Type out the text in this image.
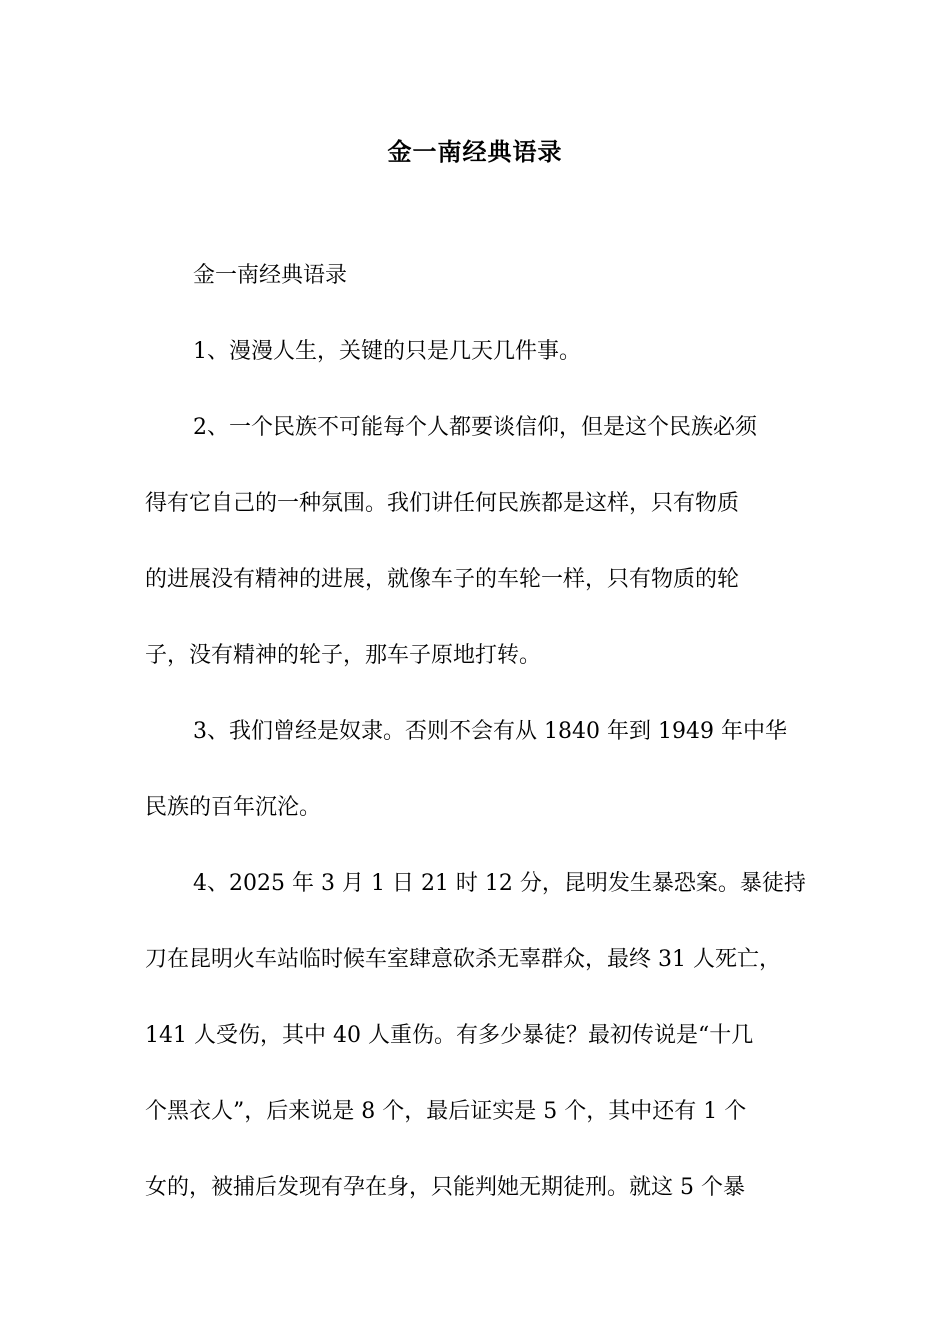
金一南经典语录
金一南经典语录
1、漫漫人生，关键的只是几天几件事。
2、一个民族不可能每个人都要谈信仰，但是这个民族必须
得有它自己的一种氛围。我们讲任何民族都是这样，只有物质
的进展没有精神的进展，就像车子的车轮一样，只有物质的轮
子，没有精神的轮子，那车子原地打转。
3、我们曾经是奴隶。否则不会有从 1840 年到 1949 年中华
民族的百年沉沦。
4、2025 年 3 月 1 日 21 时 12 分，昆明发生暴恐案。暴徒持
刀在昆明火车站临时候车室肆意砍杀无辜群众，最终 31 人死亡，
141 人受伤，其中 40 人重伤。有多少暴徒？最初传说是“十几
个黑衣人”，后来说是 8 个，最后证实是 5 个，其中还有 1 个
女的，被捕后发现有孕在身，只能判她无期徒刑。就这 5 个暴
